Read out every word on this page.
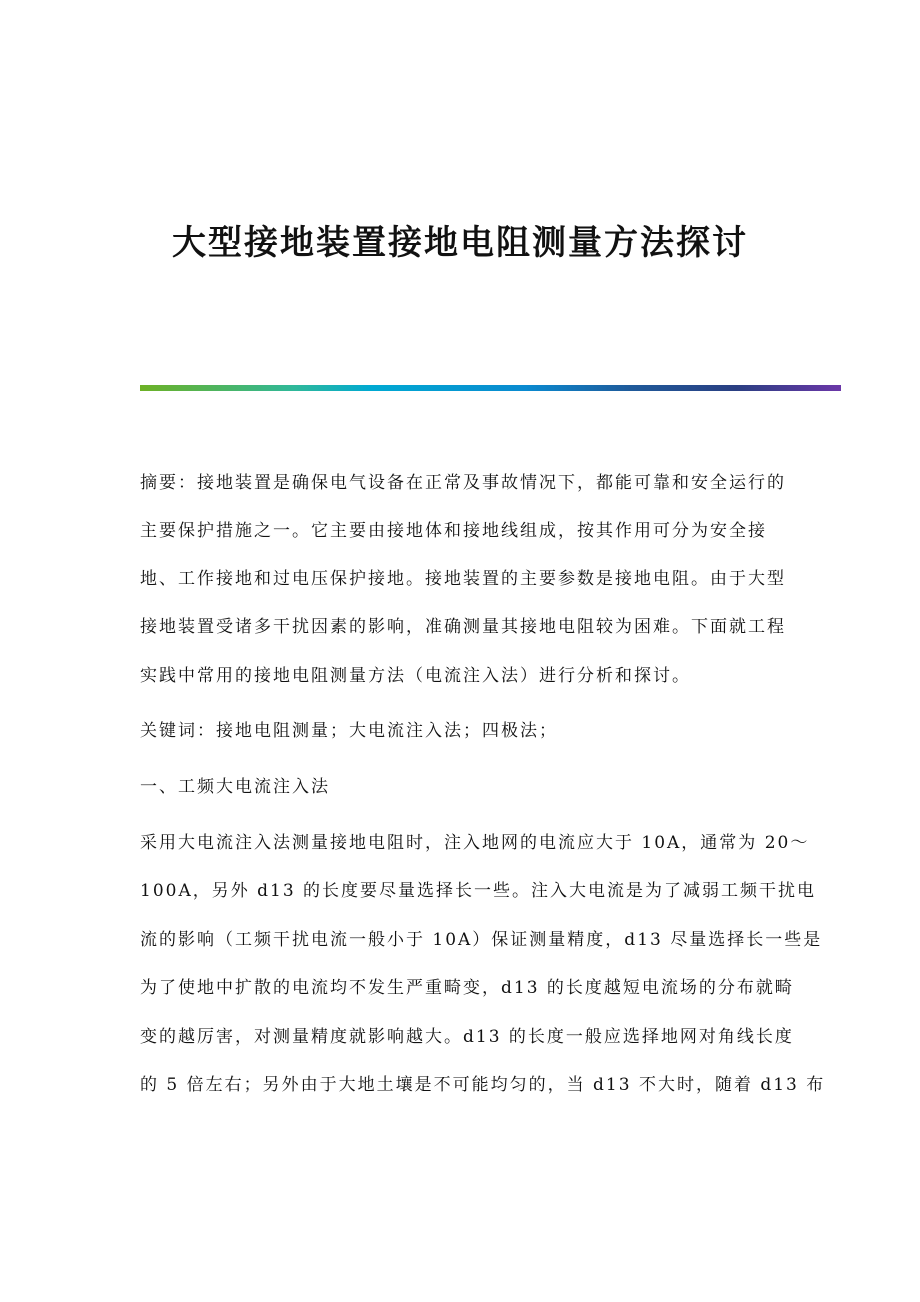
大型接地装置接地电阻测量方法探讨
摘要：接地装置是确保电气设备在正常及事故情况下，都能可靠和安全运行的
主要保护措施之一。它主要由接地体和接地线组成，按其作用可分为安全接
地、工作接地和过电压保护接地。接地装置的主要参数是接地电阻。由于大型
接地装置受诸多干扰因素的影响，准确测量其接地电阻较为困难。下面就工程
实践中常用的接地电阻测量方法（电流注入法）进行分析和探讨。
关键词：接地电阻测量；大电流注入法；四极法；
一、工频大电流注入法
采用大电流注入法测量接地电阻时，注入地网的电流应大于 10A，通常为 20～
100A，另外 d13 的长度要尽量选择长一些。注入大电流是为了减弱工频干扰电
流的影响（工频干扰电流一般小于 10A）保证测量精度，d13 尽量选择长一些是
为了使地中扩散的电流均不发生严重畸变，d13 的长度越短电流场的分布就畸
变的越厉害，对测量精度就影响越大。d13 的长度一般应选择地网对角线长度
的 5 倍左右；另外由于大地土壤是不可能均匀的，当 d13 不大时，随着 d13 布
